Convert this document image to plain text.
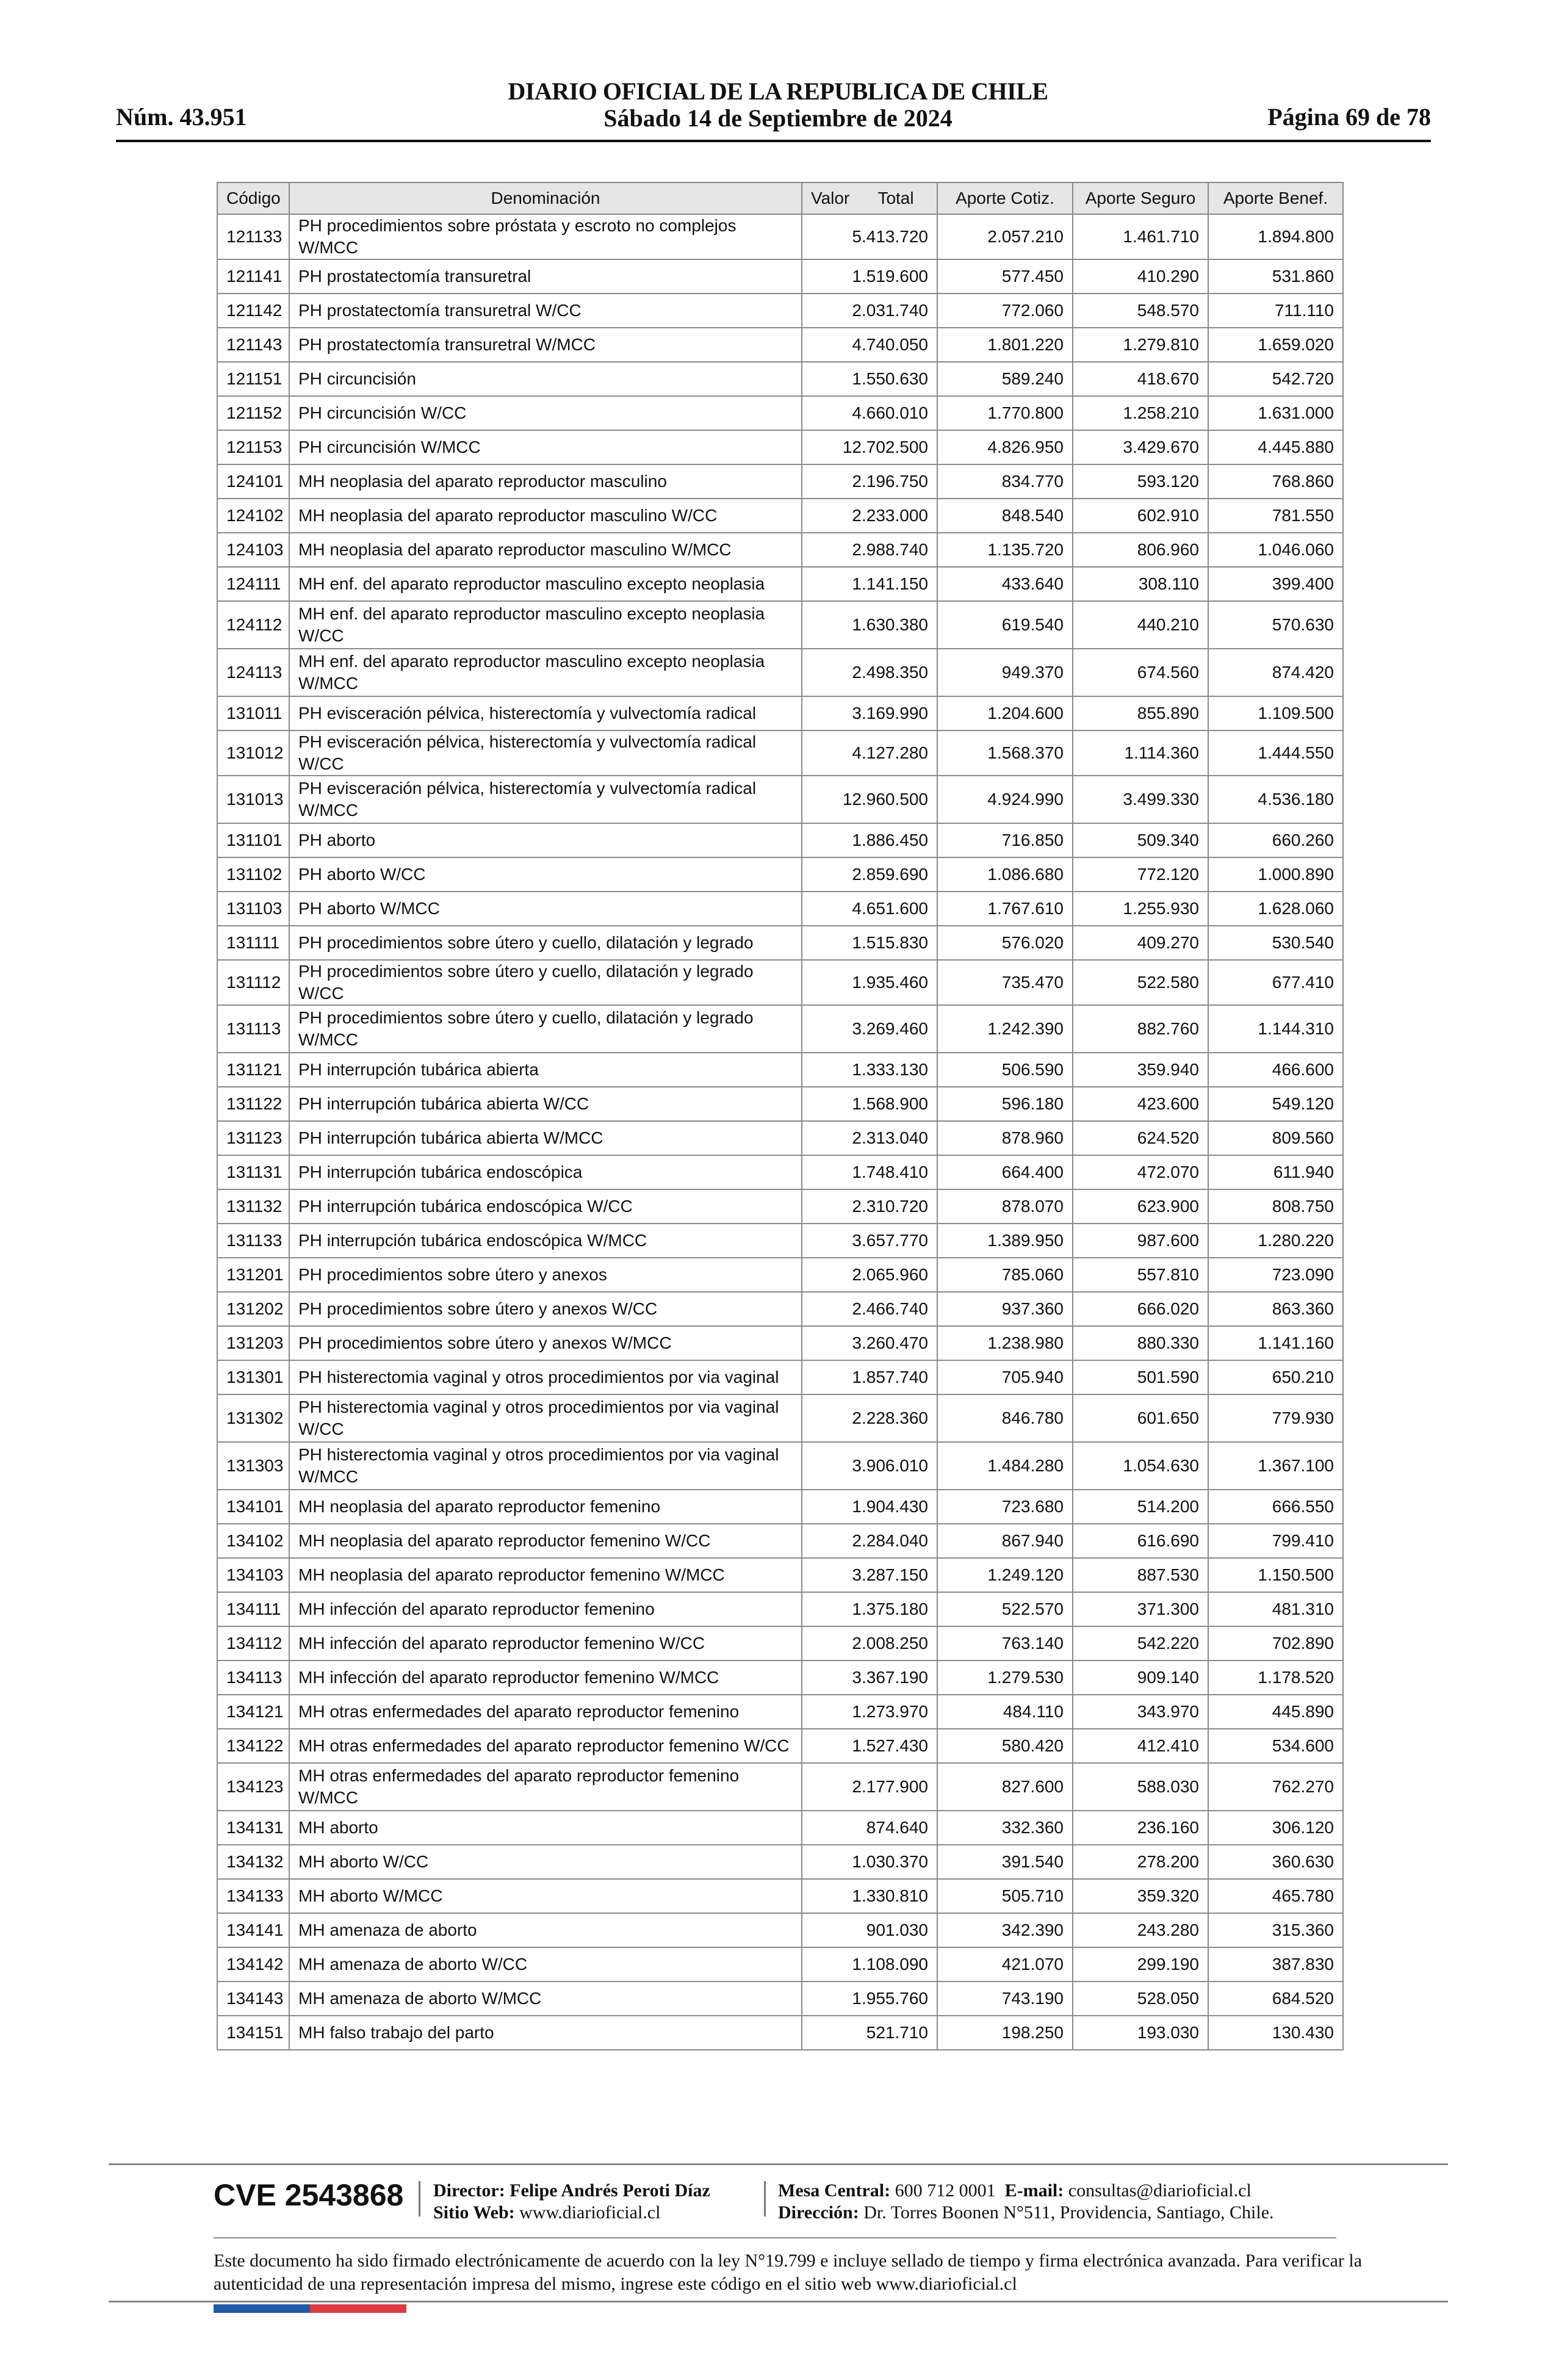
Núm. 43.951
DIARIO OFICIAL DE LA REPUBLICA DE CHILE
Sábado 14 de Septiembre de 2024	Página 69 de 78
Código	Denominación	Valor      Total	Aporte Cotiz.	Aporte Seguro	Aporte Benef.
121133	PH procedimientos sobre próstata y escroto no complejos W/MCC	5.413.720	2.057.210	1.461.710	1.894.800
121141	PH prostatectomía transuretral	1.519.600	577.450	410.290	531.860
121142	PH prostatectomía transuretral W/CC	2.031.740	772.060	548.570	711.110
121143	PH prostatectomía transuretral W/MCC	4.740.050	1.801.220	1.279.810	1.659.020
121151	PH circuncisión	1.550.630	589.240	418.670	542.720
121152	PH circuncisión W/CC	4.660.010	1.770.800	1.258.210	1.631.000
121153	PH circuncisión W/MCC	12.702.500	4.826.950	3.429.670	4.445.880
124101	MH neoplasia del aparato reproductor masculino	2.196.750	834.770	593.120	768.860
124102	MH neoplasia del aparato reproductor masculino W/CC	2.233.000	848.540	602.910	781.550
124103	MH neoplasia del aparato reproductor masculino W/MCC	2.988.740	1.135.720	806.960	1.046.060
124111	MH enf. del aparato reproductor masculino excepto neoplasia	1.141.150	433.640	308.110	399.400
124112	MH enf. del aparato reproductor masculino excepto neoplasia W/CC	1.630.380	619.540	440.210	570.630
124113	MH enf. del aparato reproductor masculino excepto neoplasia W/MCC	2.498.350	949.370	674.560	874.420
131011	PH evisceración pélvica, histerectomía y vulvectomía radical	3.169.990	1.204.600	855.890	1.109.500
131012	PH evisceración pélvica, histerectomía y vulvectomía radical W/CC	4.127.280	1.568.370	1.114.360	1.444.550
131013	PH evisceración pélvica, histerectomía y vulvectomía radical W/MCC	12.960.500	4.924.990	3.499.330	4.536.180
131101	PH aborto	1.886.450	716.850	509.340	660.260
131102	PH aborto W/CC	2.859.690	1.086.680	772.120	1.000.890
131103	PH aborto W/MCC	4.651.600	1.767.610	1.255.930	1.628.060
131111	PH procedimientos sobre útero y cuello, dilatación y legrado	1.515.830	576.020	409.270	530.540
131112	PH procedimientos sobre útero y cuello, dilatación y legrado W/CC	1.935.460	735.470	522.580	677.410
131113	PH procedimientos sobre útero y cuello, dilatación y legrado W/MCC	3.269.460	1.242.390	882.760	1.144.310
131121	PH interrupción tubárica abierta	1.333.130	506.590	359.940	466.600
131122	PH interrupción tubárica abierta W/CC	1.568.900	596.180	423.600	549.120
131123	PH interrupción tubárica abierta W/MCC	2.313.040	878.960	624.520	809.560
131131	PH interrupción tubárica endoscópica	1.748.410	664.400	472.070	611.940
131132	PH interrupción tubárica endoscópica W/CC	2.310.720	878.070	623.900	808.750
131133	PH interrupción tubárica endoscópica W/MCC	3.657.770	1.389.950	987.600	1.280.220
131201	PH procedimientos sobre útero y anexos	2.065.960	785.060	557.810	723.090
131202	PH procedimientos sobre útero y anexos W/CC	2.466.740	937.360	666.020	863.360
131203	PH procedimientos sobre útero y anexos W/MCC	3.260.470	1.238.980	880.330	1.141.160
131301	PH histerectomia vaginal y otros procedimientos por via vaginal	1.857.740	705.940	501.590	650.210
131302	PH histerectomia vaginal y otros procedimientos por via vaginal W/CC	2.228.360	846.780	601.650	779.930
131303	PH histerectomia vaginal y otros procedimientos por via vaginal W/MCC	3.906.010	1.484.280	1.054.630	1.367.100
134101	MH neoplasia del aparato reproductor femenino	1.904.430	723.680	514.200	666.550
134102	MH neoplasia del aparato reproductor femenino W/CC	2.284.040	867.940	616.690	799.410
134103	MH neoplasia del aparato reproductor femenino W/MCC	3.287.150	1.249.120	887.530	1.150.500
134111	MH infección del aparato reproductor femenino	1.375.180	522.570	371.300	481.310
134112	MH infección del aparato reproductor femenino W/CC	2.008.250	763.140	542.220	702.890
134113	MH infección del aparato reproductor femenino W/MCC	3.367.190	1.279.530	909.140	1.178.520
134121	MH otras enfermedades del aparato reproductor femenino	1.273.970	484.110	343.970	445.890
134122	MH otras enfermedades del aparato reproductor femenino W/CC	1.527.430	580.420	412.410	534.600
134123	MH otras enfermedades del aparato reproductor femenino W/MCC	2.177.900	827.600	588.030	762.270
134131	MH aborto	874.640	332.360	236.160	306.120
134132	MH aborto W/CC	1.030.370	391.540	278.200	360.630
134133	MH aborto W/MCC	1.330.810	505.710	359.320	465.780
134141	MH amenaza de aborto	901.030	342.390	243.280	315.360
134142	MH amenaza de aborto W/CC	1.108.090	421.070	299.190	387.830
134143	MH amenaza de aborto W/MCC	1.955.760	743.190	528.050	684.520
134151	MH falso trabajo del parto	521.710	198.250	193.030	130.430
CVE 2543868 Director: Felipe Andrés Peroti Díaz
Sitio Web: www.diarioficial.cl
Mesa Central: 600 712 0001 E-mail: consultas@diarioficial.cl
Dirección: Dr. Torres Boonen N°511, Providencia, Santiago, Chile.
Este documento ha sido firmado electrónicamente de acuerdo con la ley N°19.799 e incluye sellado de tiempo y firma electrónica avanzada. Para verificar la autenticidad de una representación impresa del mismo, ingrese este código en el sitio web www.diarioficial.cl
